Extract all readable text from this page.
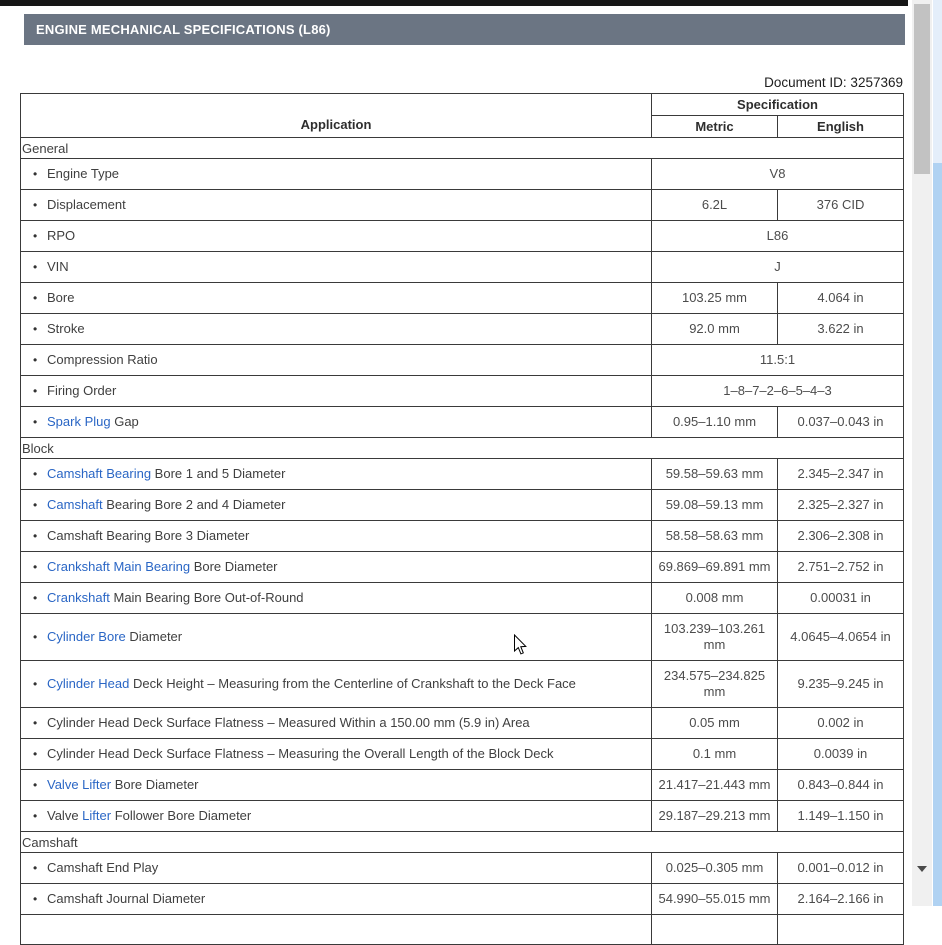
ENGINE MECHANICAL SPECIFICATIONS (L86)
Document ID: 3257369
Application	Specification	
	Metric	English
General		
• Engine Type	V8	
• Displacement	6.2L	376 CID
• RPO	L86	
• VIN	J	
• Bore	103.25 mm	4.064 in
• Stroke	92.0 mm	3.622 in
• Compression Ratio	11.5:1	
• Firing Order	1–8–7–2–6–5–4–3	
• Spark Plug Gap	0.95–1.10 mm	0.037–0.043 in
Block		
• Camshaft Bearing Bore 1 and 5 Diameter	59.58–59.63 mm	2.345–2.347 in
• Camshaft Bearing Bore 2 and 4 Diameter	59.08–59.13 mm	2.325–2.327 in
• Camshaft Bearing Bore 3 Diameter	58.58–58.63 mm	2.306–2.308 in
• Crankshaft Main Bearing Bore Diameter	69.869–69.891 mm	2.751–2.752 in
• Crankshaft Main Bearing Bore Out-of-Round	0.008 mm	0.00031 in
• Cylinder Bore Diameter	103.239–103.261 mm	4.0645–4.0654 in
• Cylinder Head Deck Height – Measuring from the Centerline of Crankshaft to the Deck Face	234.575–234.825 mm	9.235–9.245 in
• Cylinder Head Deck Surface Flatness – Measured Within a 150.00 mm (5.9 in) Area	0.05 mm	0.002 in
• Cylinder Head Deck Surface Flatness – Measuring the Overall Length of the Block Deck	0.1 mm	0.0039 in
• Valve Lifter Bore Diameter	21.417–21.443 mm	0.843–0.844 in
• Valve Lifter Follower Bore Diameter	29.187–29.213 mm	1.149–1.150 in
Camshaft		
• Camshaft End Play	0.025–0.305 mm	0.001–0.012 in
• Camshaft Journal Diameter	54.990–55.015 mm	2.164–2.166 in
